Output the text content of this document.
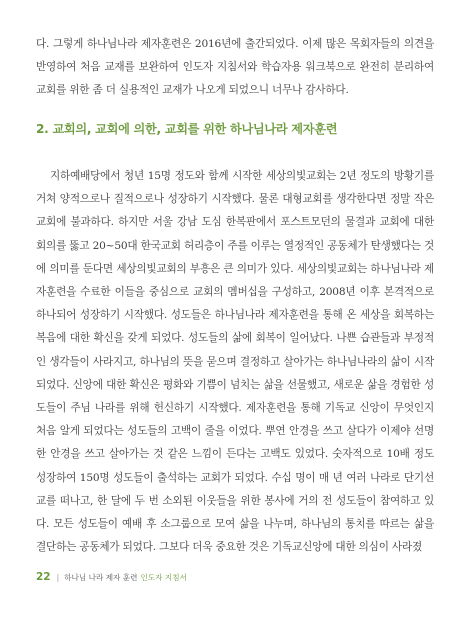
다. 그렇게 하나님나라 제자훈련은 2016년에 출간되었다. 이제 많은 목회자들의 의견을 반영하여 처음 교재를 보완하여 인도자 지침서와 학습자용 워크북으로 완전히 분리하여 교회를 위한 좀 더 실용적인 교재가 나오게 되었으니 너무나 감사하다.

2. 교회의, 교회에 의한, 교회를 위한 하나님나라 제자훈련

지하예배당에서 청년 15명 정도와 함께 시작한 세상의빛교회는 2년 정도의 방황기를 거쳐 양적으로나 질적으로나 성장하기 시작했다. 물론 대형교회를 생각한다면 정말 작은 교회에 불과하다. 하지만 서울 강남 도심 한복판에서 포스트모던의 물결과 교회에 대한 회의를 뚫고 20~50대 한국교회 허리층이 주를 이루는 열정적인 공동체가 탄생했다는 것에 의미를 둔다면 세상의빛교회의 부흥은 큰 의미가 있다. 세상의빛교회는 하나님나라 제자훈련을 수료한 이들을 중심으로 교회의 멤버십을 구성하고, 2008년 이후 본격적으로 하나되어 성장하기 시작했다. 성도들은 하나님나라 제자훈련을 통해 온 세상을 회복하는 복음에 대한 확신을 갖게 되었다. 성도들의 삶에 회복이 일어났다. 나쁜 습관들과 부정적인 생각들이 사라지고, 하나님의 뜻을 묻으며 결정하고 살아가는 하나님나라의 삶이 시작되었다. 신앙에 대한 확신은 평화와 기쁨이 넘치는 삶을 선물했고, 새로운 삶을 경험한 성도들이 주님 나라를 위해 헌신하기 시작했다. 제자훈련을 통해 기독교 신앙이 무엇인지 처음 알게 되었다는 성도들의 고백이 줄을 이었다. 뿌연 안경을 쓰고 살다가 이제야 선명한 안경을 쓰고 살아가는 것 같은 느낌이 든다는 고백도 있었다. 숫자적으로 10배 정도 성장하여 150명 성도들이 출석하는 교회가 되었다. 수십 명이 매 년 여러 나라로 단기선교를 떠나고, 한 달에 두 번 소외된 이웃들을 위한 봉사에 거의 전 성도들이 참여하고 있다. 모든 성도들이 예배 후 소그룹으로 모여 삶을 나누며, 하나님의 통치를 따르는 삶을 결단하는 공동체가 되었다. 그보다 더욱 중요한 것은 기독교신앙에 대한 의심이 사라졌

22 | 하나님 나라 제자 훈련 인도자 지침서
